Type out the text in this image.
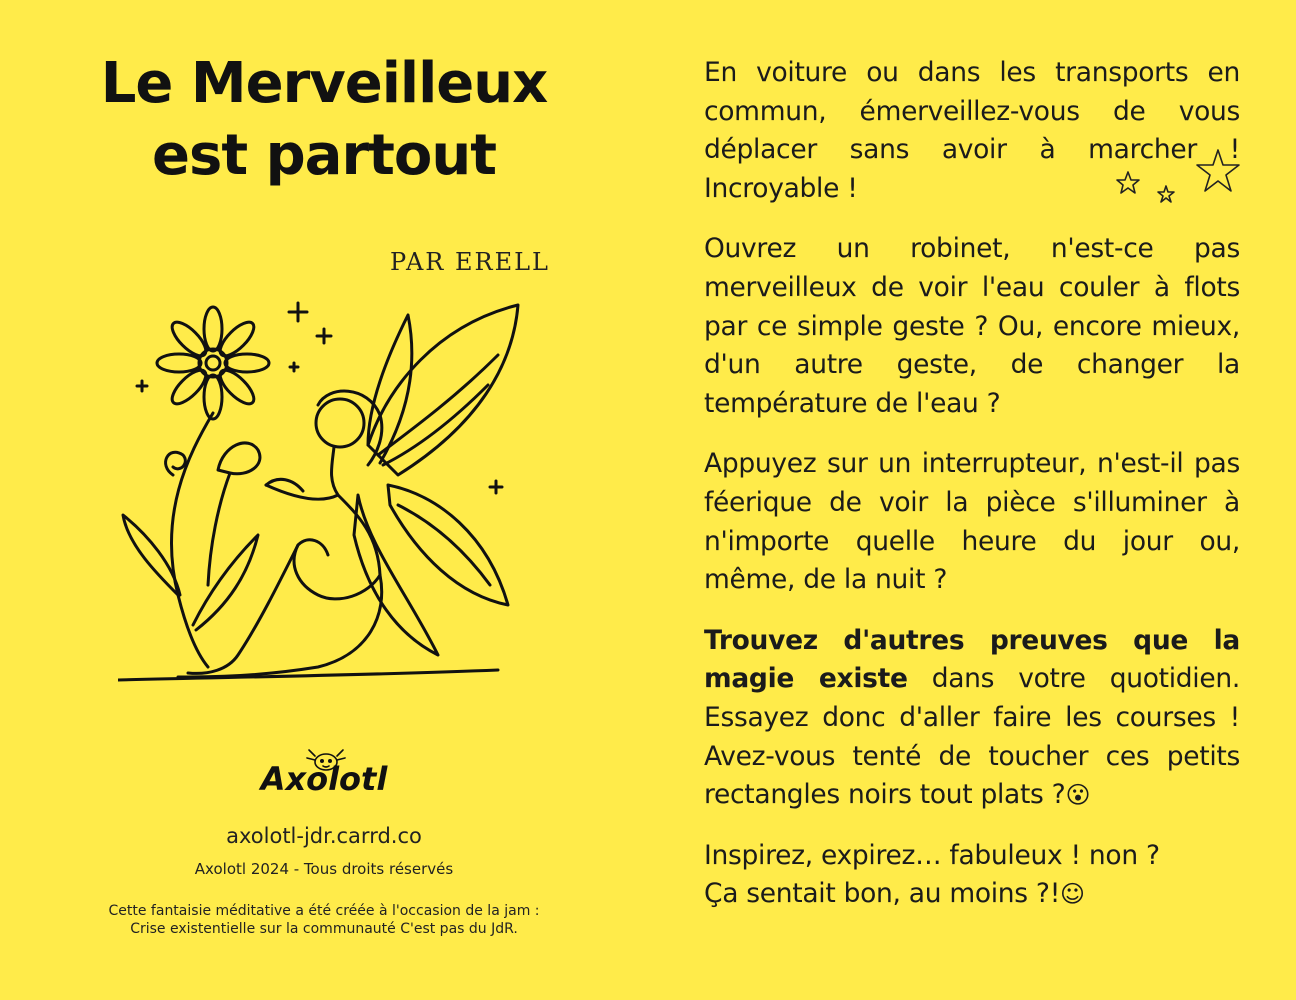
Le Merveilleux
est partout
PAR ERELL
Axolotl
axolotl-jdr.carrd.co
Axolotl 2024 - Tous droits réservés
Cette fantaisie méditative a été créée à l'occasion de la jam :
Crise existentielle sur la communauté C'est pas du JdR.

En voiture ou dans les transports en commun, émerveillez-vous de vous déplacer sans avoir à marcher ! Incroyable !

Ouvrez un robinet, n'est-ce pas merveilleux de voir l'eau couler à flots par ce simple geste ? Ou, encore mieux, d'un autre geste, de changer la température de l'eau ?

Appuyez sur un interrupteur, n'est-il pas féerique de voir la pièce s'illuminer à n'importe quelle heure du jour ou, même, de la nuit ?

Trouvez d'autres preuves que la magie existe dans votre quotidien. Essayez donc d'aller faire les courses ! Avez-vous tenté de toucher ces petits rectangles noirs tout plats ?😮

Inspirez, expirez… fabuleux ! non ?
Ça sentait bon, au moins ?!☺
